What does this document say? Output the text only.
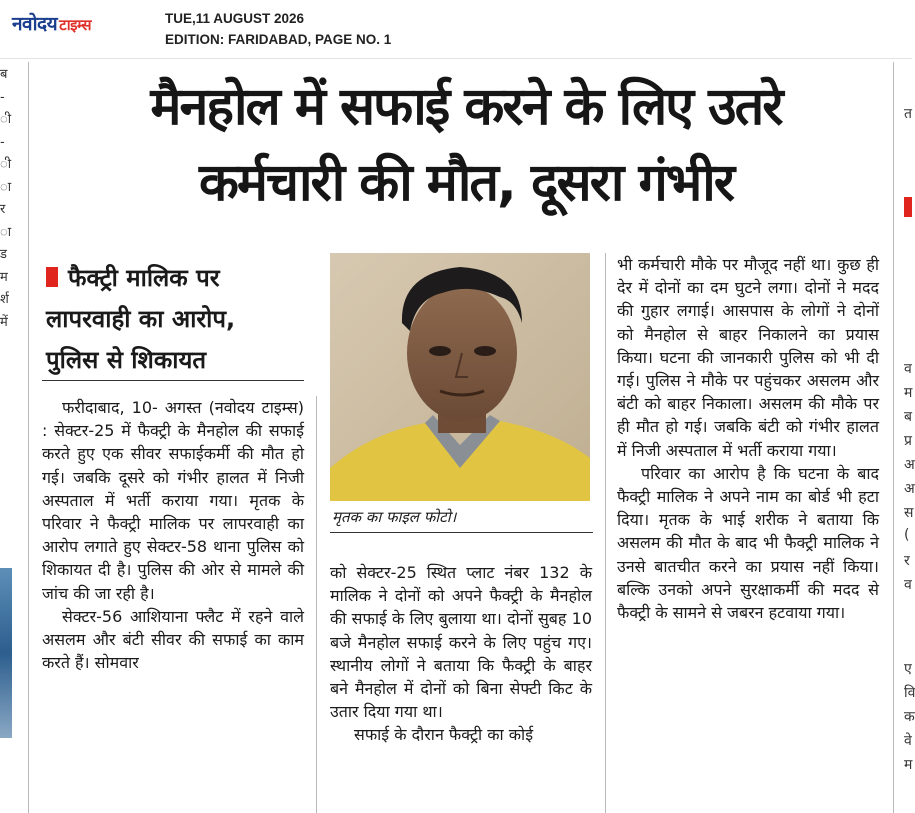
नवोदय टाइम्स	TUE,11 AUGUST 2026
EDITION: FARIDABAD, PAGE NO. 1
ब
-
ी
-
ी
ा
र
ा
ड
म
र्श
में
मैनहोल में सफाई करने के लिए उतरे
कर्मचारी की मौत, दूसरा गंभीर
फैक्ट्री मालिक पर
लापरवाही का आरोप,
पुलिस से शिकायत

फरीदाबाद, 10- अगस्त (नवोदय टाइम्स) : सेक्टर-25 में फैक्ट्री के मैनहोल की सफाई करते हुए एक सीवर सफाईकर्मी की मौत हो गई। जबकि दूसरे को गंभीर हालत में निजी अस्पताल में भर्ती कराया गया। मृतक के परिवार ने फैक्ट्री मालिक पर लापरवाही का आरोप लगाते हुए सेक्टर-58 थाना पुलिस को शिकायत दी है। पुलिस की ओर से मामले की जांच की जा रही है।

सेक्टर-56 आशियाना फ्लैट में रहने वाले असलम और बंटी सीवर की सफाई का काम करते हैं। सोमवार

मृतक का फाइल फोटो।

को सेक्टर-25 स्थित प्लाट नंबर 132 के मालिक ने दोनों को अपने फैक्ट्री के मैनहोल की सफाई के लिए बुलाया था। दोनों सुबह 10 बजे मैनहोल सफाई करने के लिए पहुंच गए। स्थानीय लोगों ने बताया कि फैक्ट्री के बाहर बने मैनहोल में दोनों को बिना सेफ्टी किट के उतार दिया गया था।

सफाई के दौरान फैक्ट्री का कोई

भी कर्मचारी मौके पर मौजूद नहीं था। कुछ ही देर में दोनों का दम घुटने लगा। दोनों ने मदद की गुहार लगाई। आसपास के लोगों ने दोनों को मैनहोल से बाहर निकालने का प्रयास किया। घटना की जानकारी पुलिस को भी दी गई। पुलिस ने मौके पर पहुंचकर असलम और बंटी को बाहर निकाला। असलम की मौके पर ही मौत हो गई। जबकि बंटी को गंभीर हालत में निजी अस्पताल में भर्ती कराया गया।

परिवार का आरोप है कि घटना के बाद फैक्ट्री मालिक ने अपने नाम का बोर्ड भी हटा दिया। मृतक के भाई शरीक ने बताया कि असलम की मौत के बाद भी फैक्ट्री मालिक ने उनसे बातचीत करने का प्रयास नहीं किया। बल्कि उनको अपने सुरक्षाकर्मी की मदद से फैक्ट्री के सामने से जबरन हटवाया गया।

त
व
म
ब
प्र
अ
अ
स
(
र
व
ए
वि
क
वे
म
